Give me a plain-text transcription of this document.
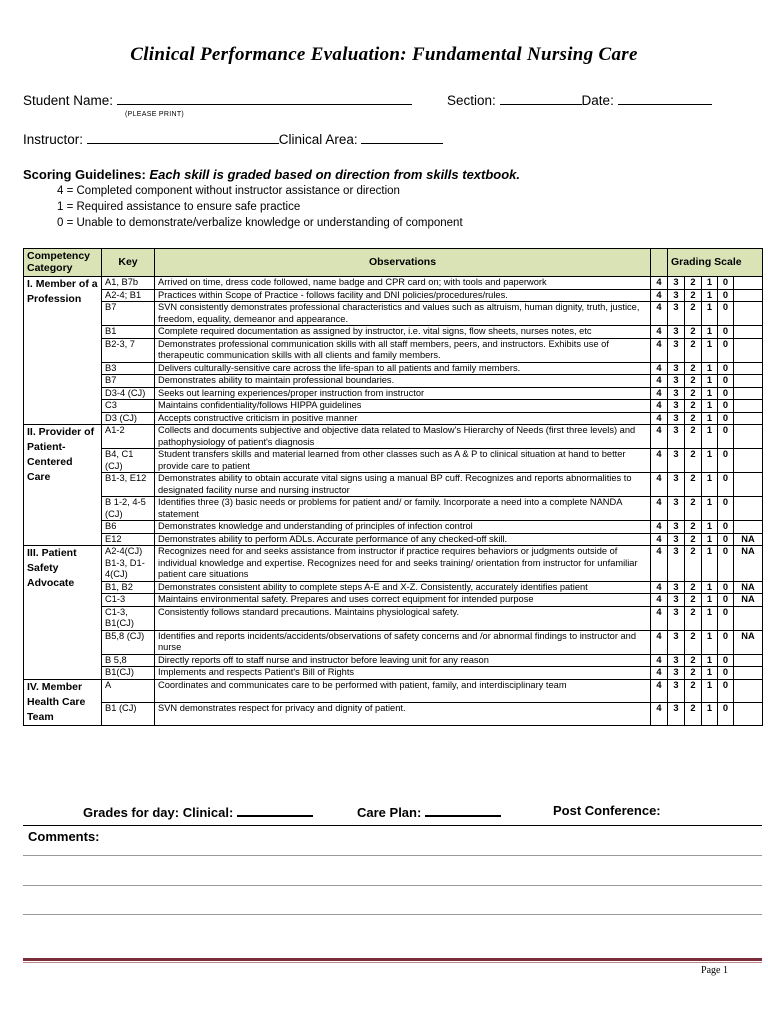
Clinical Performance Evaluation: Fundamental Nursing Care
Student Name:
(PLEASE PRINT)
Section:	Date:
Instructor:	Clinical Area:
Scoring Guidelines: Each skill is graded based on direction from skills textbook.
4 = Completed component without instructor assistance or direction
1 = Required assistance to ensure safe practice
0 = Unable to demonstrate/verbalize knowledge or understanding of component
Competency Category	Key	Observations		Grading Scale				
I. Member of a Profession	A1, B7b	Arrived on time, dress code followed, name badge and CPR card on; with tools and paperwork	4	3	2	1	0	
	A2-4; B1	Practices within Scope of Practice - follows facility and DNI policies/procedures/rules.	4	3	2	1	0	
	B7	SVN consistently demonstrates professional characteristics and values such as altruism, human dignity, truth, justice, freedom, equality, demeanor and appearance.	4	3	2	1	0	
	B1	Complete required documentation as assigned by instructor, i.e. vital signs, flow sheets, nurses notes, etc	4	3	2	1	0	
	B2-3, 7	Demonstrates professional communication skills with all staff members, peers, and instructors. Exhibits use of therapeutic communication skills with all clients and family members.	4	3	2	1	0	
	B3	Delivers culturally-sensitive care across the life-span to all patients and family members.	4	3	2	1	0	
	B7	Demonstrates ability to maintain professional boundaries.	4	3	2	1	0	
	D3-4 (CJ)	Seeks out learning experiences/proper instruction from instructor	4	3	2	1	0	
	C3	Maintains confidentiality/follows HIPPA guidelines	4	3	2	1	0	
	D3 (CJ)	Accepts constructive criticism in positive manner	4	3	2	1	0	
II. Provider of Patient-Centered Care	A1-2	Collects and documents subjective and objective data related to Maslow's Hierarchy of Needs (first three levels) and pathophysiology of patient's diagnosis	4	3	2	1	0	
	B4, C1 (CJ)	Student transfers skills and material learned from other classes such as A & P to clinical situation at hand to better provide care to patient	4	3	2	1	0	
	B1-3, E12	Demonstrates ability to obtain accurate vital signs using a manual BP cuff. Recognizes and reports abnormalities to designated facility nurse and nursing instructor	4	3	2	1	0	
	B 1-2, 4-5 (CJ)	Identifies three (3) basic needs or problems for patient and/ or family. Incorporate a need into a complete NANDA statement	4	3	2	1	0	
	B6	Demonstrates knowledge and understanding of principles of infection control	4	3	2	1	0	
	E12	Demonstrates ability to perform ADLs. Accurate performance of any checked-off skill.	4	3	2	1	0	NA
III. Patient Safety Advocate	A2-4(CJ) B1-3, D1-4(CJ)	Recognizes need for and seeks assistance from instructor if practice requires behaviors or judgments outside of individual knowledge and expertise. Recognizes need for and seeks training/ orientation from instructor for unfamiliar patient care situations	4	3	2	1	0	NA
	B1, B2	Demonstrates consistent ability to complete steps A-E and X-Z. Consistently, accurately identifies patient	4	3	2	1	0	NA
	C1-3	Maintains environmental safety. Prepares and uses correct equipment for intended purpose	4	3	2	1	0	NA
	C1-3, B1(CJ)	Consistently follows standard precautions. Maintains physiological safety.	4	3	2	1	0	
	B5,8 (CJ)	Identifies and reports incidents/accidents/observations of safety concerns and /or abnormal findings to instructor and nurse	4	3	2	1	0	NA
	B 5,8	Directly reports off to staff nurse and instructor before leaving unit for any reason	4	3	2	1	0	
	B1(CJ)	Implements and respects Patient's Bill of Rights	4	3	2	1	0	
IV. Member Health Care Team	A	Coordinates and communicates care to be performed with patient, family, and interdisciplinary team	4	3	2	1	0	
	B1 (CJ)	SVN demonstrates respect for privacy and dignity of patient.	4	3	2	1	0	
Grades for day: Clinical:	Care Plan:	Post Conference:
Comments:
Page 1
